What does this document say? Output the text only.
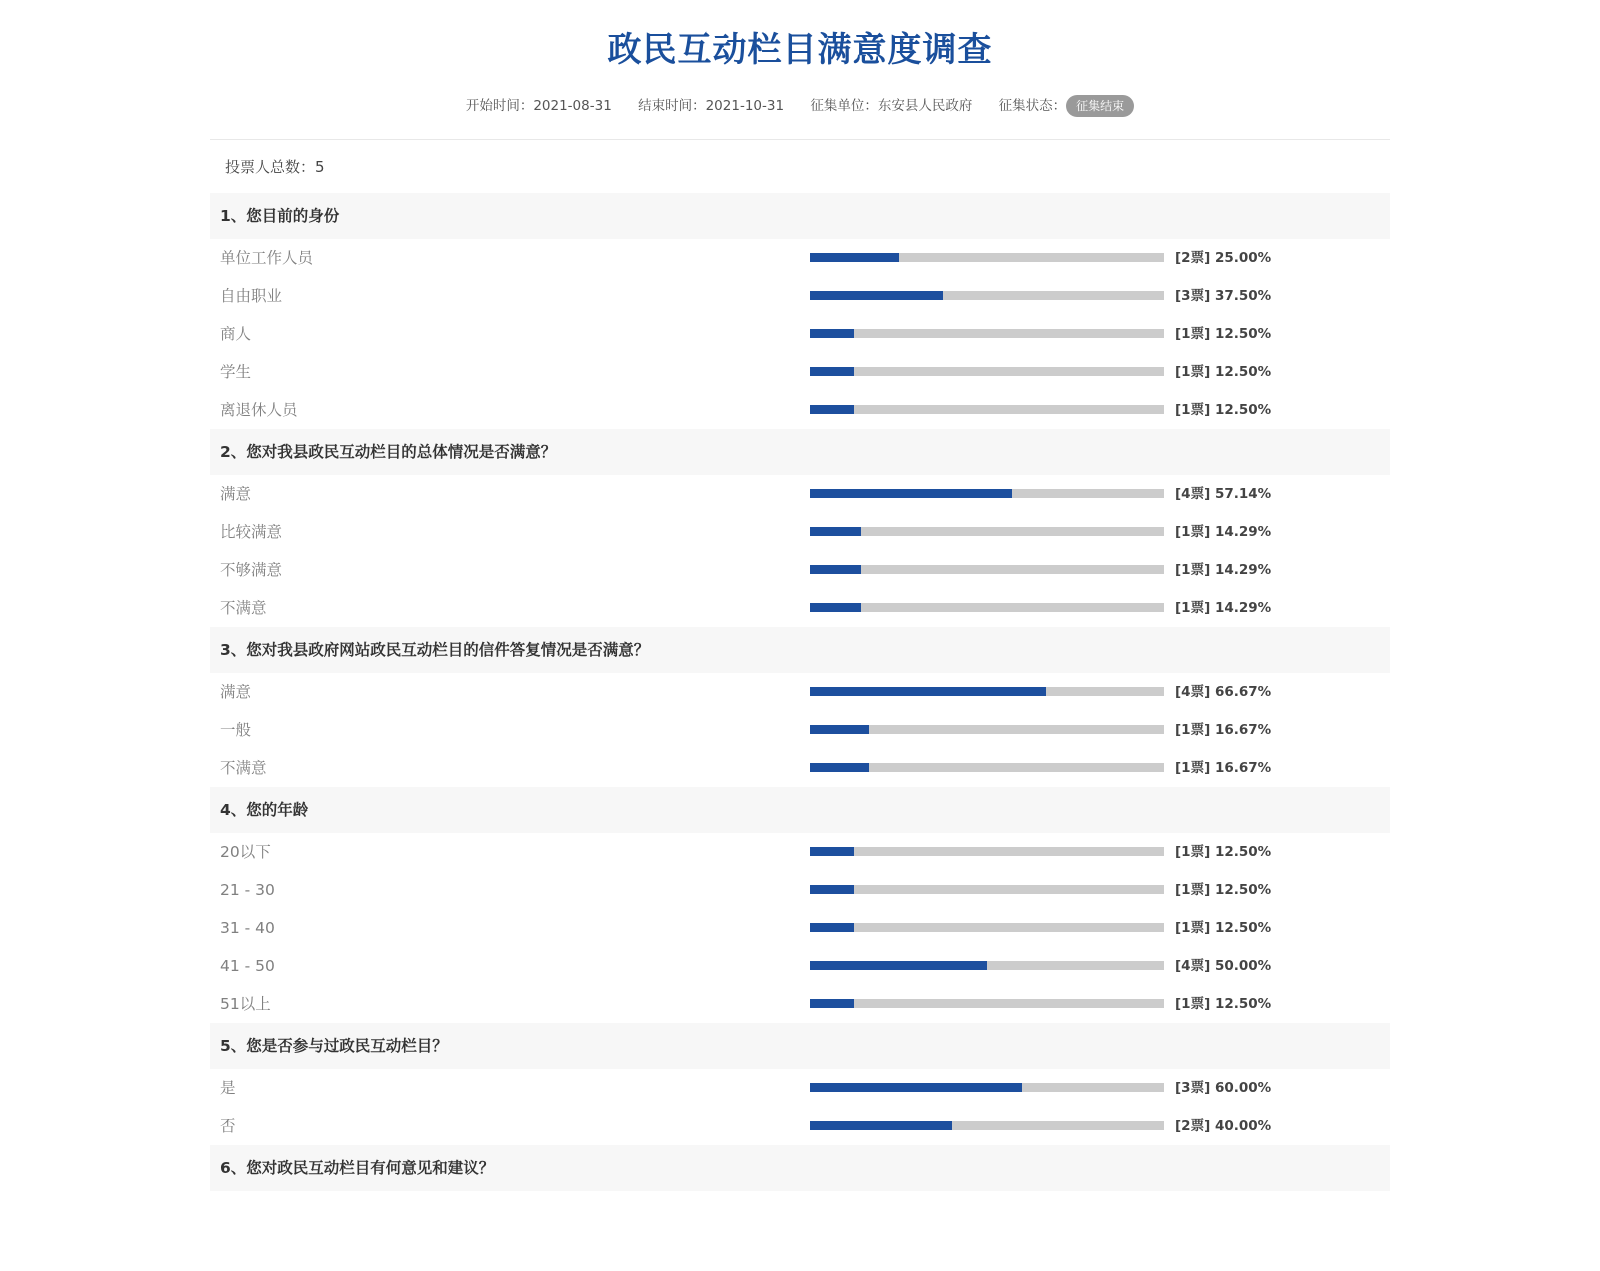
政民互动栏目满意度调查
开始时间：2021-08-31 结束时间：2021-10-31 征集单位：东安县人民政府 征集状态： 征集结束
投票人总数：5
1、您目前的身份
单位工作人员	[2票] 25.00%
自由职业	[3票] 37.50%
商人	[1票] 12.50%
学生	[1票] 12.50%
离退休人员	[1票] 12.50%
2、您对我县政民互动栏目的总体情况是否满意？
满意	[4票] 57.14%
比较满意	[1票] 14.29%
不够满意	[1票] 14.29%
不满意	[1票] 14.29%
3、您对我县政府网站政民互动栏目的信件答复情况是否满意？
满意	[4票] 66.67%
一般	[1票] 16.67%
不满意	[1票] 16.67%
4、您的年龄
20以下	[1票] 12.50%
21 - 30	[1票] 12.50%
31 - 40	[1票] 12.50%
41 - 50	[4票] 50.00%
51以上	[1票] 12.50%
5、您是否参与过政民互动栏目？
是	[3票] 60.00%
否	[2票] 40.00%
6、您对政民互动栏目有何意见和建议？
